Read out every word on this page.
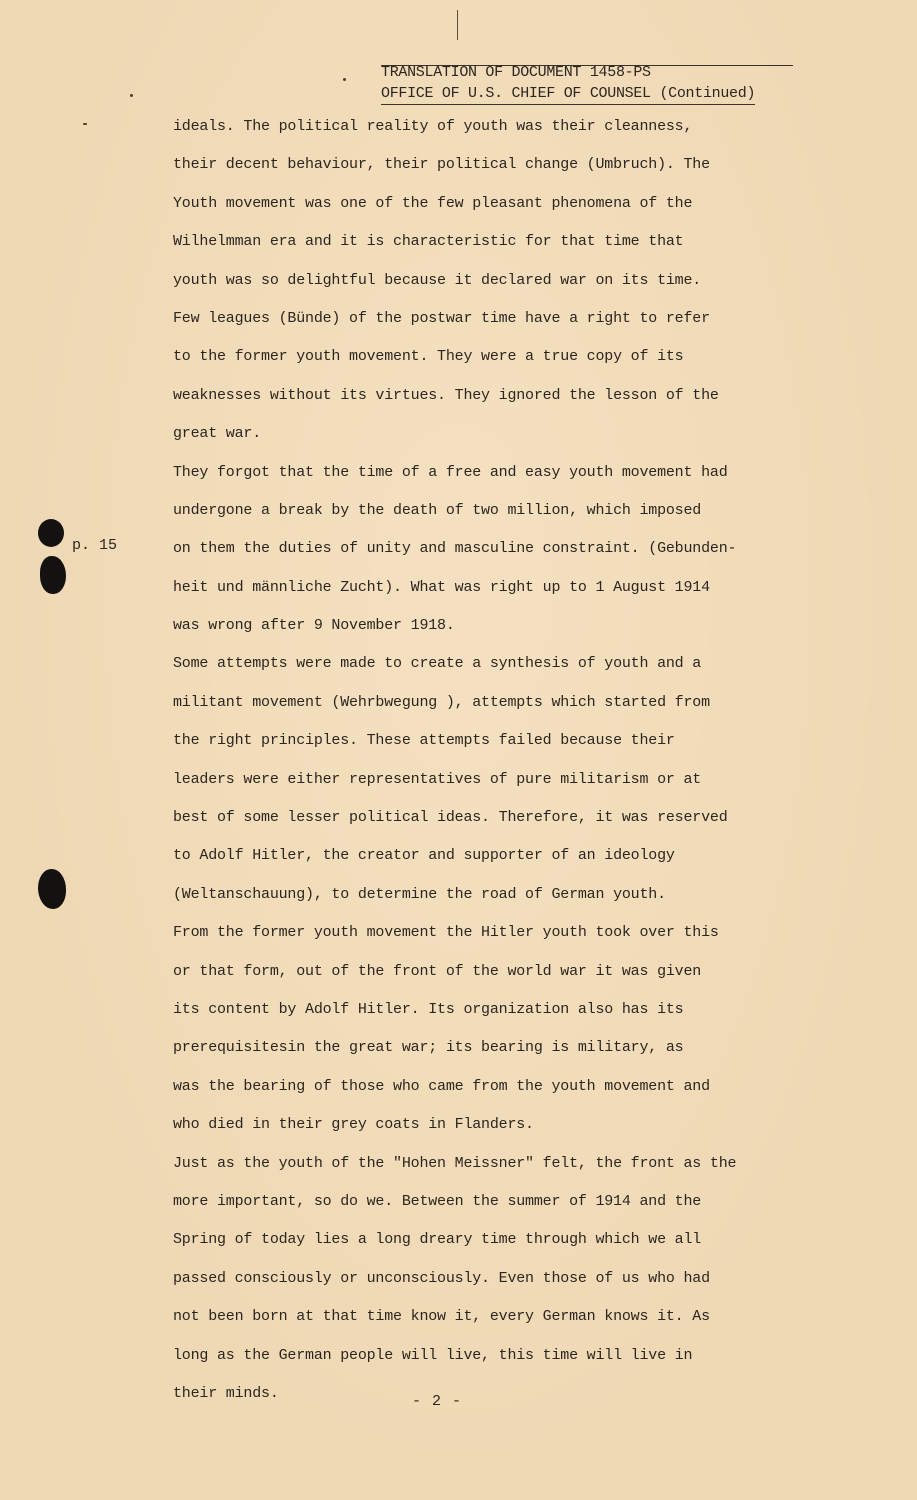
TRANSLATION OF DOCUMENT 1458-PS
OFFICE OF U.S. CHIEF OF COUNSEL (Continued)
p. 15
ideals. The political reality of youth was their cleanness,
their decent behaviour, their political change (Umbruch). The
Youth movement was one of the few pleasant phenomena of the
Wilhelmman era and it is characteristic for that time that
youth was so delightful because it declared war on its time.
Few leagues (Bünde) of the postwar time have a right to refer
to the former youth movement. They were a true copy of its
weaknesses without its virtues. They ignored the lesson of the
great war.
They forgot that the time of a free and easy youth movement had
undergone a break by the death of two million, which imposed
on them the duties of unity and masculine constraint. (Gebunden-
heit und männliche Zucht). What was right up to 1 August 1914
was wrong after 9 November 1918.
Some attempts were made to create a synthesis of youth and a
militant movement (Wehrbwegung ), attempts which started from
the right principles. These attempts failed because their
leaders were either representatives of pure militarism or at
best of some lesser political ideas. Therefore, it was reserved
to Adolf Hitler, the creator and supporter of an ideology
(Weltanschauung), to determine the road of German youth.
From the former youth movement the Hitler youth took over this
or that form, out of the front of the world war it was given
its content by Adolf Hitler. Its organization also has its
prerequisitesin the great war; its bearing is military, as
was the bearing of those who came from the youth movement and
who died in their grey coats in Flanders.
Just as the youth of the "Hohen Meissner" felt, the front as the
more important, so do we. Between the summer of 1914 and the
Spring of today lies a long dreary time through which we all
passed consciously or unconsciously. Even those of us who had
not been born at that time know it, every German knows it. As
long as the German people will live, this time will live in
their minds.	- 2 -
